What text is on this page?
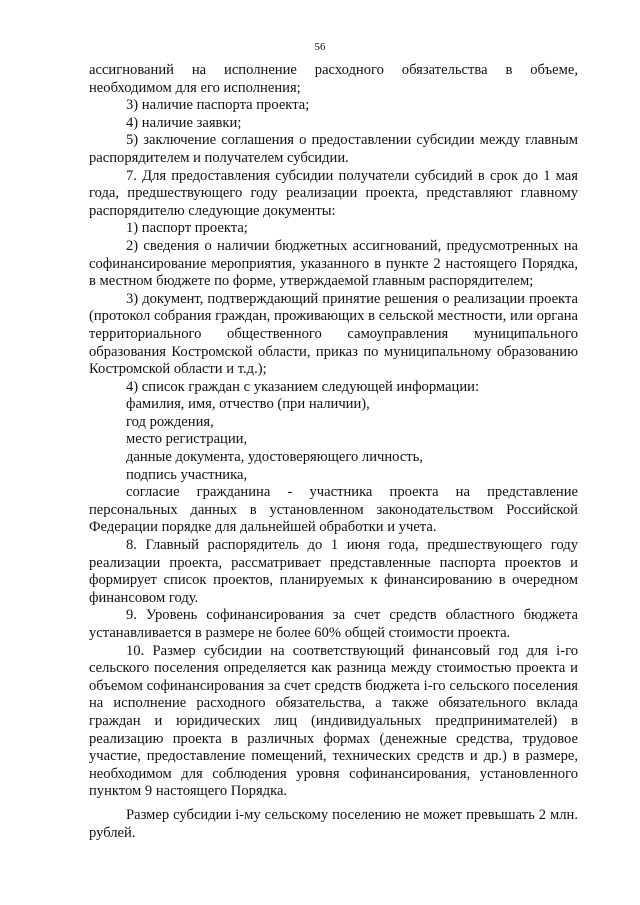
56

ассигнований на исполнение расходного обязательства в объеме, необходимом для его исполнения;

3) наличие паспорта проекта;

4) наличие заявки;

5) заключение соглашения о предоставлении субсидии между главным распорядителем и получателем субсидии.

7. Для предоставления субсидии получатели субсидий в срок до 1 мая года, предшествующего году реализации проекта, представляют главному распорядителю следующие документы:

1) паспорт проекта;

2) сведения о наличии бюджетных ассигнований, предусмотренных на софинансирование мероприятия, указанного в пункте 2 настоящего Порядка, в местном бюджете по форме, утверждаемой главным распорядителем;

3) документ, подтверждающий принятие решения о реализации проекта (протокол собрания граждан, проживающих в сельской местности, или органа территориального общественного самоуправления муниципального образования Костромской области, приказ по муниципальному образованию Костромской области и т.д.);

4) список граждан с указанием следующей информации:

фамилия, имя, отчество (при наличии),

год рождения,

место регистрации,

данные документа, удостоверяющего личность,

подпись участника,

согласие гражданина - участника проекта на представление персональных данных в установленном законодательством Российской Федерации порядке для дальнейшей обработки и учета.

8. Главный распорядитель до 1 июня года, предшествующего году реализации проекта, рассматривает представленные паспорта проектов и формирует список проектов, планируемых к финансированию в очередном финансовом году.

9. Уровень софинансирования за счет средств областного бюджета устанавливается в размере не более 60% общей стоимости проекта.

10. Размер субсидии на соответствующий финансовый год для i-го сельского поселения определяется как разница между стоимостью проекта и объемом софинансирования за счет средств бюджета i-го сельского поселения на исполнение расходного обязательства, а также обязательного вклада граждан и юридических лиц (индивидуальных предпринимателей) в реализацию проекта в различных формах (денежные средства, трудовое участие, предоставление помещений, технических средств и др.) в размере, необходимом для соблюдения уровня софинансирования, установленного пунктом 9 настоящего Порядка.

Размер субсидии i-му сельскому поселению не может превышать 2 млн. рублей.
